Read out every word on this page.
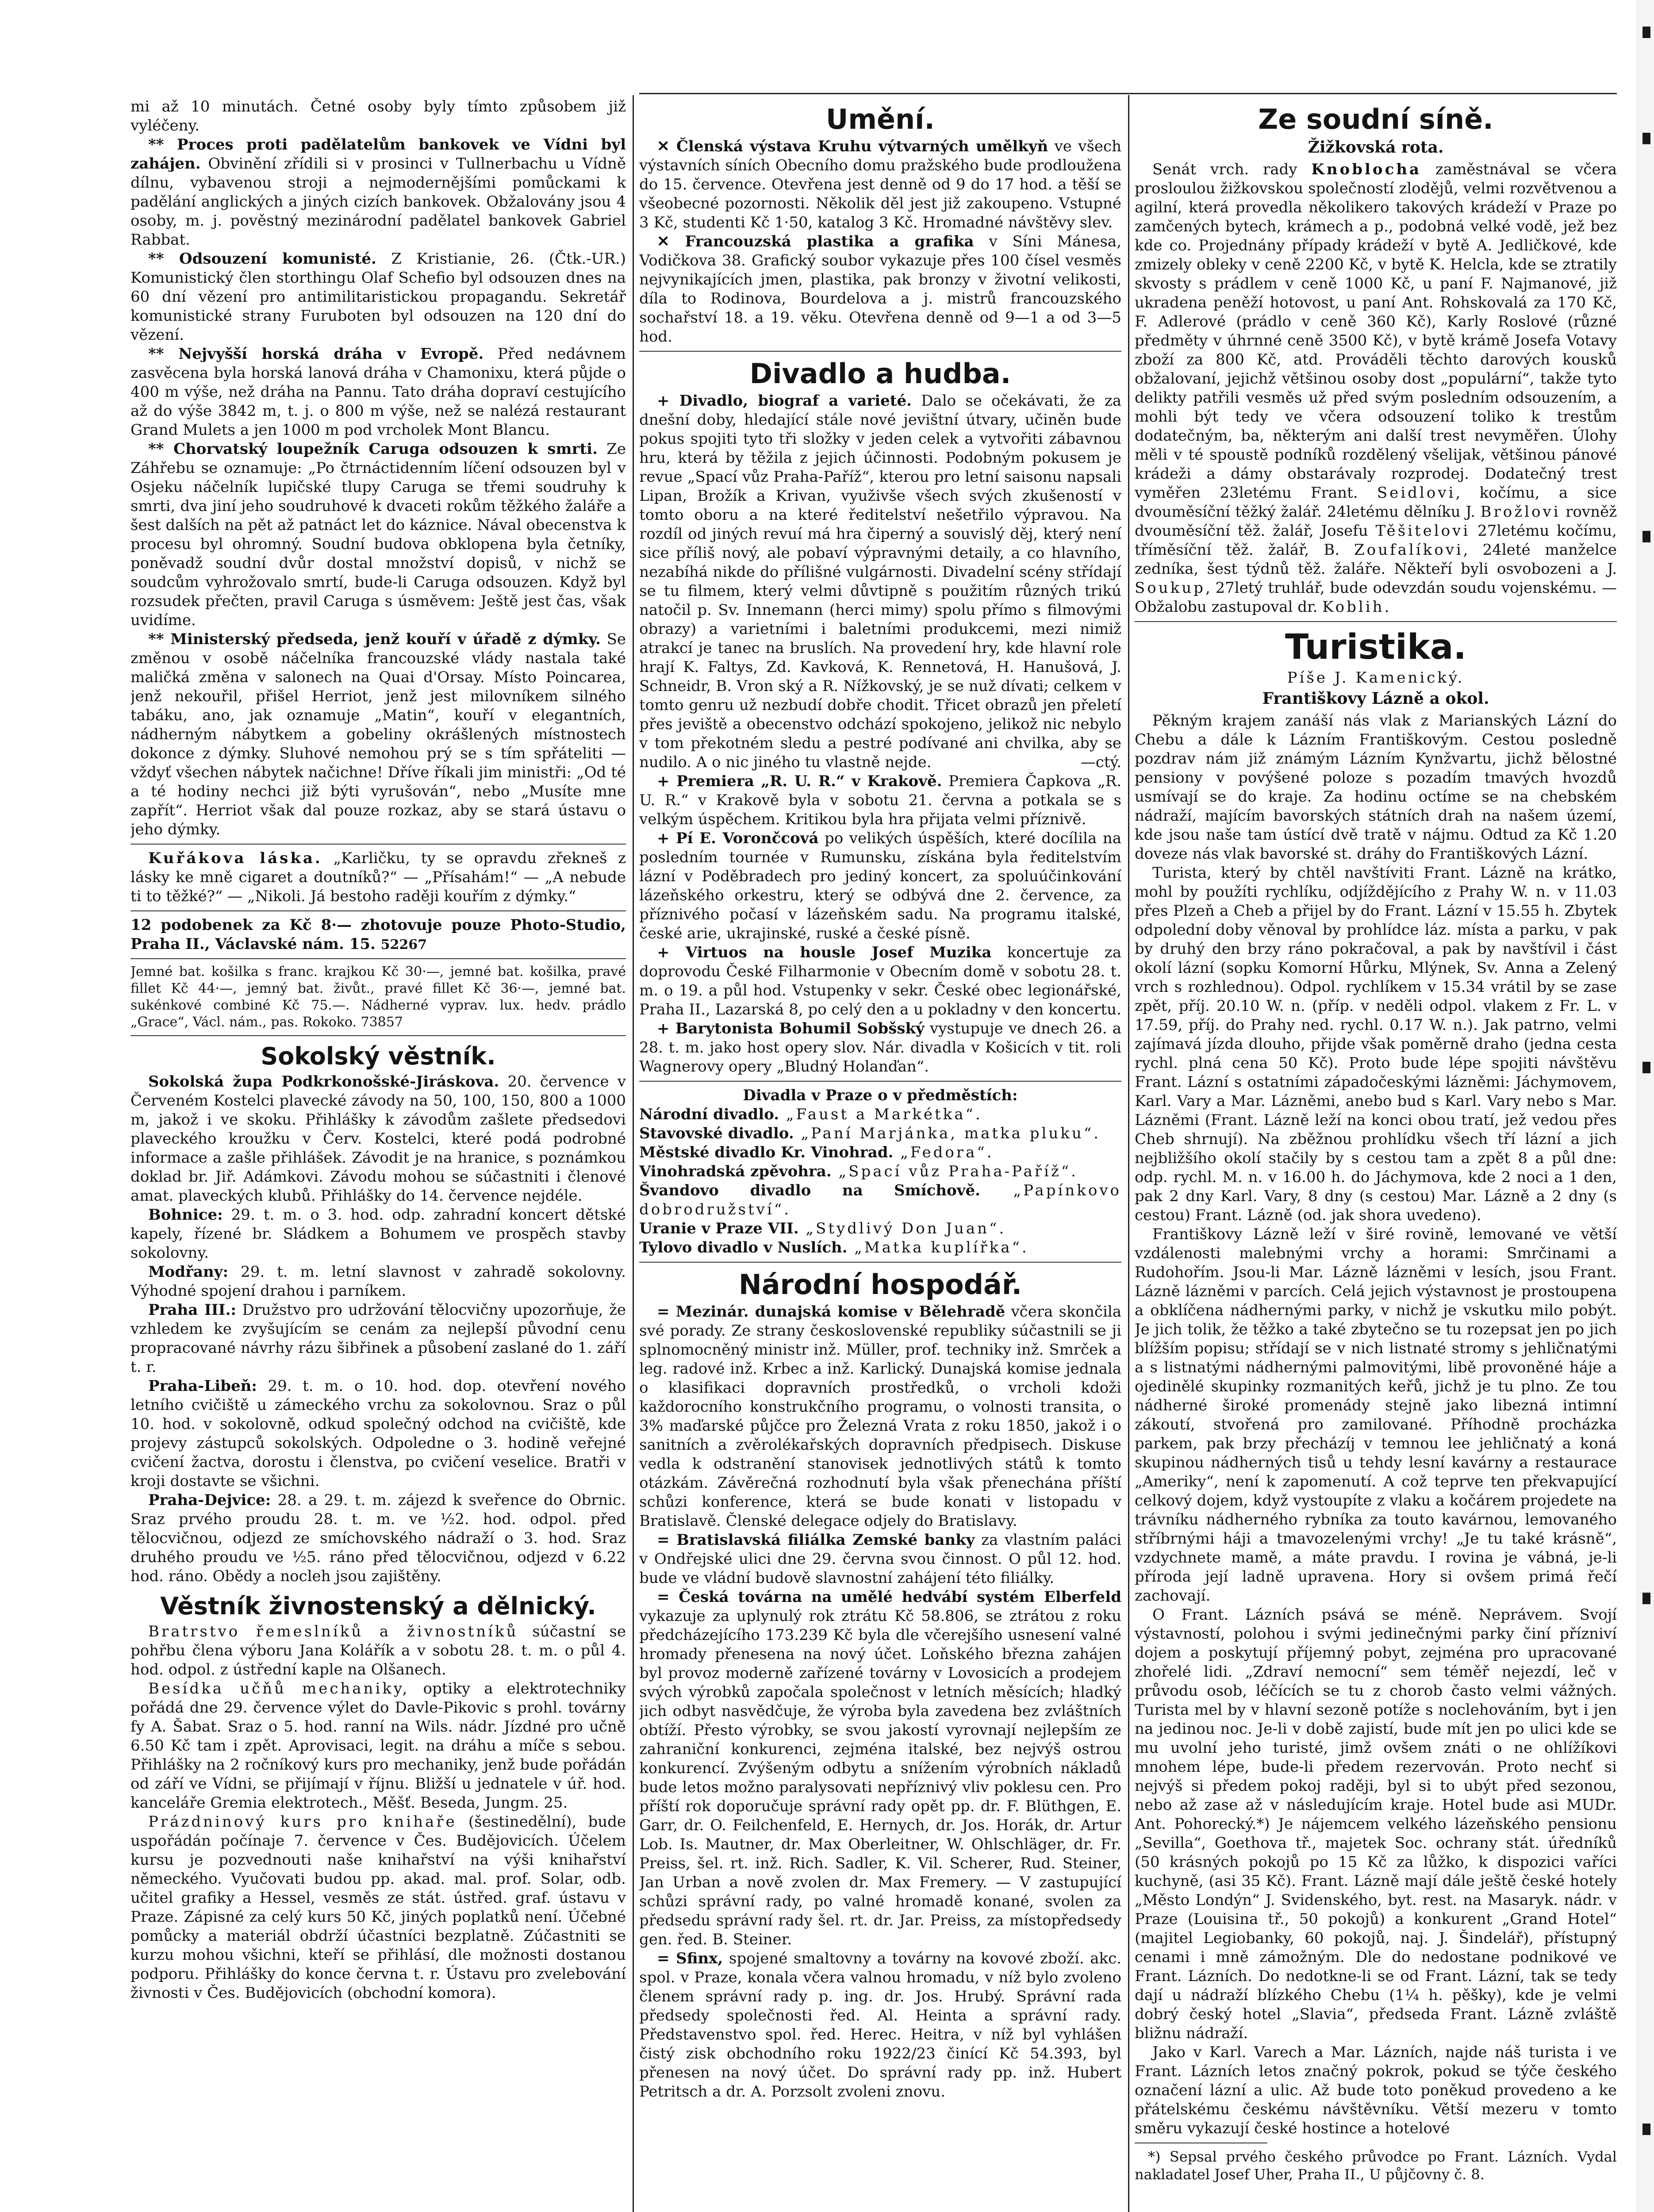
mi až 10 minutách. Četné osoby byly tímto způsobem již vyléčeny.

** Proces proti padělatelům bankovek ve Vídni byl zahájen. Obvinění zřídili si v prosinci v Tullnerbachu u Vídně dílnu, vybavenou stroji a nejmodernějšími pomůckami k padělání anglických a jiných cizích bankovek. Obžalovány jsou 4 osoby, m. j. pověstný mezinárodní padělatel bankovek Gabriel Rabbat.

** Odsouzení komunisté. Z Kristianie, 26. (Čtk.-UR.) Komunistický člen storthingu Olaf Schefio byl odsouzen dnes na 60 dní vězení pro antimilitaristickou propagandu. Sekretář komunistické strany Furuboten byl odsouzen na 120 dní do vězení.

** Nejvyšší horská dráha v Evropě. Před nedávnem zasvěcena byla horská lanová dráha v Chamonixu, která půjde o 400 m výše, než dráha na Pannu. Tato dráha dopraví cestujícího až do výše 3842 m, t. j. o 800 m výše, než se nalézá restaurant Grand Mulets a jen 1000 m pod vrcholek Mont Blancu.

** Chorvatský loupežník Caruga odsouzen k smrti. Ze Záhřebu se oznamuje: „Po čtrnáctidenním líčení odsouzen byl v Osjeku náčelník lupičské tlupy Caruga se třemi soudruhy k smrti, dva jiní jeho soudruhové k dvaceti rokům těžkého žaláře a šest dalších na pět až patnáct let do káznice. Nával obecenstva k procesu byl ohromný. Soudní budova obklopena byla četníky, poněvadž soudní dvůr dostal množství dopisů, v nichž se soudcům vyhrožovalo smrtí, bude-li Caruga odsouzen. Když byl rozsudek přečten, pravil Caruga s úsměvem: Ještě jest čas, však uvidíme.

** Ministerský předseda, jenž kouří v úřadě z dýmky. Se změnou v osobě náčelníka francouzské vlády nastala také maličká změna v salonech na Quai d'Orsay. Místo Poincarea, jenž nekouřil, přišel Herriot, jenž jest milovníkem silného tabáku, ano, jak oznamuje „Matin“, kouří v elegantních, nádherným nábytkem a gobeliny okrášlených místnostech dokonce z dýmky. Sluhové nemohou prý se s tím spřáteliti — vždyť všechen nábytek načichne! Dříve říkali jim ministři: „Od té a té hodiny nechci již býti vyrušován“, nebo „Musíte mne zapřít“. Herriot však dal pouze rozkaz, aby se stará ústavu o jeho dýmky.

Kuřákova láska. „Karličku, ty se opravdu zřekneš z lásky ke mně cigaret a doutníků?“ — „Přísahám!“ — „A nebude ti to těžké?“ — „Nikoli. Já bestoho raději kouřím z dýmky.“

12 podobenek za Kč 8·— zhotovuje pouze Photo-Studio, Praha II., Václavské nám. 15. 52267

Jemné bat. košilka s franc. krajkou Kč 30·—, jemné bat. košilka, pravé fillet Kč 44·—, jemný bat. živůt., pravé fillet Kč 36·—, jemné bat. sukénkové combiné Kč 75.—. Nádherné vyprav. lux. hedv. prádlo „Grace“, Václ. nám., pas. Rokoko. 73857

Sokolský věstník.

Sokolská župa Podkrkonošské-Jiráskova. 20. července v Červeném Kostelci plavecké závody na 50, 100, 150, 800 a 1000 m, jakož i ve skoku. Přihlášky k závodům zašlete předsedovi plaveckého kroužku v Červ. Kostelci, které podá podrobné informace a zašle přihlášek. Závodit je na hranice, s poznámkou doklad br. Jiř. Adámkovi. Závodu mohou se súčastniti i členové amat. plaveckých klubů. Přihlášky do 14. července nejdéle.

Bohnice: 29. t. m. o 3. hod. odp. zahradní koncert dětské kapely, řízené br. Sládkem a Bohumem ve prospěch stavby sokolovny.

Modřany: 29. t. m. letní slavnost v zahradě sokolovny. Výhodné spojení drahou i parníkem.

Praha III.: Družstvo pro udržování tělocvičny upozorňuje, že vzhledem ke zvyšujícím se cenám za nejlepší původní cenu propracované návrhy rázu šibřinek a působení zaslané do 1. září t. r.

Praha-Libeň: 29. t. m. o 10. hod. dop. otevření nového letního cvičiště u zámeckého vrchu za sokolovnou. Sraz o půl 10. hod. v sokolovně, odkud společný odchod na cvičiště, kde projevy zástupců sokolských. Odpoledne o 3. hodině veřejné cvičení žactva, dorostu i členstva, po cvičení veselice. Bratři v kroji dostavte se všichni.

Praha-Dejvice: 28. a 29. t. m. zájezd k sveřence do Obrnic. Sraz prvého proudu 28. t. m. ve ½2. hod. odpol. před tělocvičnou, odjezd ze smíchovského nádraží o 3. hod. Sraz druhého proudu ve ½5. ráno před tělocvičnou, odjezd v 6.22 hod. ráno. Obědy a nocleh jsou zajištěny.

Věstník živnostenský a dělnický.

Bratrstvo řemeslníků a živnostníků súčastní se pohřbu člena výboru Jana Kolářík a v sobotu 28. t. m. o půl 4. hod. odpol. z ústřední kaple na Olšanech.

Besídka učňů mechaniky, optiky a elektrotechniky pořádá dne 29. července výlet do Davle-Pikovic s prohl. továrny fy A. Šabat. Sraz o 5. hod. ranní na Wils. nádr. Jízdné pro učně 6.50 Kč tam i zpět. Aprovisaci, legit. na dráhu a míče s sebou. Přihlášky na 2 ročníkový kurs pro mechaniky, jenž bude pořádán od září ve Vídni, se přijímají v říjnu. Bližší u jednatele v úř. hod. kanceláře Gremia elektrotech., Měšť. Beseda, Jungm. 25.

Prázdninový kurs pro knihaře (šestinedělní), bude uspořádán počínaje 7. července v Čes. Budějovicích. Účelem kursu je pozvednouti naše knihařství na výši knihařství německého. Vyučovati budou pp. akad. mal. prof. Solar, odb. učitel grafiky a Hessel, vesměs ze stát. ústřed. graf. ústavu v Praze. Zápisné za celý kurs 50 Kč, jiných poplatků není. Účebné pomůcky a materiál obdrží účastníci bezplatně. Zúčastniti se kurzu mohou všichni, kteří se přihlásí, dle možnosti dostanou podporu. Přihlášky do konce června t. r. Ústavu pro zvelebování živnosti v Čes. Budějovicích (obchodní komora).

Umění.

✕ Členská výstava Kruhu výtvarných umělkyň ve všech výstavních síních Obecního domu pražského bude prodloužena do 15. července. Otevřena jest denně od 9 do 17 hod. a těší se všeobecné pozornosti. Několik děl jest již zakoupeno. Vstupné 3 Kč, studenti Kč 1·50, katalog 3 Kč. Hromadné návštěvy slev.

✕ Francouzská plastika a grafika v Síni Mánesa, Vodičkova 38. Grafický soubor vykazuje přes 100 čísel vesměs nejvynikajících jmen, plastika, pak bronzy v životní velikosti, díla to Rodinova, Bourdelova a j. mistrů francouzského sochařství 18. a 19. věku. Otevřena denně od 9—1 a od 3—5 hod.

Divadlo a hudba.

+ Divadlo, biograf a varieté. Dalo se očekávati, že za dnešní doby, hledající stále nové jevištní útvary, učiněn bude pokus spojiti tyto tři složky v jeden celek a vytvořiti zábavnou hru, která by těžila z jejich účinnosti. Podobným pokusem je revue „Spací vůz Praha-Paříž“, kterou pro letní saisonu napsali Lipan, Brožík a Krivan, využivše všech svých zkušeností v tomto oboru a na které ředitelství nešetřilo výpravou. Na rozdíl od jiných revuí má hra čiperný a souvislý děj, který není sice příliš nový, ale pobaví výpravnými detaily, a co hlavního, nezabíhá nikde do přílišné vulgárnosti. Divadelní scény střídají se tu filmem, který velmi důvtipně s použitím různých trikú natočil p. Sv. Innemann (herci mimy) spolu přímo s filmovými obrazy) a varietními i baletními produkcemi, mezi nimiž atrakcí je tanec na bruslích. Na provedení hry, kde hlavní role hrají K. Faltys, Zd. Kavková, K. Rennetová, H. Hanušová, J. Schneidr, B. Vron ský a R. Nížkovský, je se nuž dívati; celkem v tomto genru už nezbudí dobře chodit. Třicet obrazů jen přeletí přes jeviště a obecenstvo odchází spokojeno, jelikož nic nebylo v tom překotném sledu a pestré podívané ani chvilka, aby se nudilo. A o nic jiného tu vlastně nejde.	—ctý.

+ Premiera „R. U. R.“ v Krakově. Premiera Čapkova „R. U. R.“ v Krakově byla v sobotu 21. června a potkala se s velkým úspěchem. Kritikou byla hra přijata velmi příznivě.

+ Pí E. Vorončcová po velikých úspěších, které docílila na posledním tournée v Rumunsku, získána byla ředitelstvím lázní v Poděbradech pro jediný koncert, za spoluúčinkování lázeňského orkestru, který se odbývá dne 2. července, za příznivého počasí v lázeňském sadu. Na programu italské, české arie, ukrajinské, ruské a české písně.

+ Virtuos na housle Josef Muzika koncertuje za doprovodu České Filharmonie v Obecním domě v sobotu 28. t. m. o 19. a půl hod. Vstupenky v sekr. České obec legionářské, Praha II., Lazarská 8, po celý den a u pokladny v den koncertu.

+ Barytonista Bohumil Sobšský vystupuje ve dnech 26. a 28. t. m. jako host opery slov. Nár. divadla v Košicích v tit. roli Wagnerovy opery „Bludný Holanďan“.

Divadla v Praze o v předměstích:

Národní divadlo. „Faust a Markétka“.

Stavovské divadlo. „Paní Marjánka, matka pluku“.

Městské divadlo Kr. Vinohrad. „Fedora“.

Vinohradská zpěvohra. „Spací vůz Praha-Paříž“.

Švandovo divadlo na Smíchově. „Papínkovo dobrodružství“.

Uranie v Praze VII. „Stydlivý Don Juan“.

Tylovo divadlo v Nuslích. „Matka kuplířka“.

Národní hospodář.

= Mezinár. dunajská komise v Bělehradě včera skončila své porady. Ze strany československé republiky súčastnili se ji splnomocněný ministr inž. Müller, prof. techniky inž. Smrček a leg. radové inž. Krbec a inž. Karlický. Dunajská komise jednala o klasifikaci dopravních prostředků, o vrcholi kdoži každorocního konstrukčního programu, o volnosti transita, o 3% maďarské půjčce pro Železná Vrata z roku 1850, jakož i o sanitních a zvěrolékařských dopravních předpisech. Diskuse vedla k odstranění stanovisek jednotlivých států k tomto otázkám. Závěrečná rozhodnutí byla však přenechána příští schůzi konference, která se bude konati v listopadu v Bratislavě. Členské delegace odjely do Bratislavy.

= Bratislavská filiálka Zemské banky za vlastním paláci v Ondřejské ulici dne 29. června svou činnost. O půl 12. hod. bude ve vládní budově slavnostní zahájení této filiálky.

= Česká továrna na umělé hedvábí systém Elberfeld vykazuje za uplynulý rok ztrátu Kč 58.806, se ztrátou z roku předcházejícího 173.239 Kč byla dle včerejšího usnesení valné hromady přenesena na nový účet. Loňského března zahájen byl provoz moderně zařízené továrny v Lovosicích a prodejem svých výrobků započala společnost v letních měsících; hladký jich odbyt nasvědčuje, že výroba byla zavedena bez zvláštních obtíží. Přesto výrobky, se svou jakostí vyrovnají nejlepším ze zahraniční konkurenci, zejména italské, bez nejvýš ostrou konkurencí. Zvýšeným odbytu a snížením výrobních nákladů bude letos možno paralysovati nepříznivý vliv poklesu cen. Pro příští rok doporučuje správní rady opět pp. dr. F. Blüthgen, E. Garr, dr. O. Feilchenfeld, E. Hernych, dr. Jos. Horák, dr. Artur Lob. Is. Mautner, dr. Max Oberleitner, W. Ohlschläger, dr. Fr. Preiss, šel. rt. inž. Rich. Sadler, K. Vil. Scherer, Rud. Steiner, Jan Urban a nově zvolen dr. Max Fremery. — V zastupující schůzi správní rady, po valné hromadě konané, svolen za předsedu správní rady šel. rt. dr. Jar. Preiss, za místopředsedy gen. řed. B. Steiner.

= Sfinx, spojené smaltovny a továrny na kovové zboží. akc. spol. v Praze, konala včera valnou hromadu, v níž bylo zvoleno členem správní rady p. ing. dr. Jos. Hrubý. Správní rada předsedy společnosti řed. Al. Heinta a správní rady. Představenstvo spol. řed. Herec. Heitra, v níž byl vyhlášen čistý zisk obchodního roku 1922/23 činící Kč 54.393, byl přenesen na nový účet. Do správní rady pp. inž. Hubert Petritsch a dr. A. Porzsolt zvoleni znovu.

Ze soudní síně.
Žižkovská rota.

Senát vrch. rady Knoblocha zaměstnával se včera prosloulou žižkovskou společností zlodějů, velmi rozvětvenou a agilní, která provedla několikero takových krádeží v Praze po zamčených bytech, krámech a p., podobná velké vodě, jež bez kde co. Projednány případy krádeží v bytě A. Jedličkové, kde zmizely obleky v ceně 2200 Kč, v bytě K. Helcla, kde se ztratily skvosty s prádlem v ceně 1000 Kč, u paní F. Najmanové, již ukradena peněží hotovost, u paní Ant. Rohskovalá za 170 Kč, F. Adlerové (prádlo v ceně 360 Kč), Karly Roslové (různé předměty v úhrnné ceně 3500 Kč), v bytě krámě Josefa Votavy zboží za 800 Kč, atd. Prováděli těchto darových kousků obžalovaní, jejichž většinou osoby dost „populární“, takže tyto delikty patřili vesměs už před svým posledním odsouzením, a mohli být tedy ve včera odsouzení toliko k trestům dodatečným, ba, některým ani další trest nevyměřen. Úlohy měli v té spoustě podníků rozdělený všelijak, většinou pánové krádeži a dámy obstarávaly rozprodej. Dodatečný trest vyměřen 23letému Frant. Seidlovi, kočímu, a sice dvouměsíční těžký žalář. 24letému dělníku J. Brožlovi rovněž dvouměsíční těž. žalář, Josefu Těšitelovi 27letému kočímu, tříměsíční těž. žalář, B. Zoufalíkovi, 24leté manželce zedníka, šest týdnů těž. žaláře. Někteří byli osvobozeni a J. Soukup, 27letý truhlář, bude odevzdán soudu vojenskému. — Obžalobu zastupoval dr. Koblih.

Turistika.
Píše J. Kamenický.
Františkovy Lázně a okol.

Pěkným krajem zanáší nás vlak z Marianských Lázní do Chebu a dále k Lázním Františkovým. Cestou posledně pozdrav nám již známým Lázním Kynžvartu, jichž bělostné pensiony v povýšené poloze s pozadím tmavých hvozdů usmívají se do kraje. Za hodinu octíme se na chebském nádraží, majícím bavorských státních drah na našem území, kde jsou naše tam ústící dvě tratě v nájmu. Odtud za Kč 1.20 doveze nás vlak bavorské st. dráhy do Františkových Lázní.

Turista, který by chtěl navštíviti Frant. Lázně na krátko, mohl by použíti rychlíku, odjíždějícího z Prahy W. n. v 11.03 přes Plzeň a Cheb a přijel by do Frant. Lázní v 15.55 h. Zbytek odpolední doby věnoval by prohlídce láz. místa a parku, v pak by druhý den brzy ráno pokračoval, a pak by navštívil i část okolí lázní (sopku Komorní Hůrku, Mlýnek, Sv. Anna a Zelený vrch s rozhlednou). Odpol. rychlíkem v 15.34 vrátil by se zase zpět, příj. 20.10 W. n. (příp. v neděli odpol. vlakem z Fr. L. v 17.59, příj. do Prahy ned. rychl. 0.17 W. n.). Jak patrno, velmi zajímavá jízda dlouho, přijde však poměrně draho (jedna cesta rychl. plná cena 50 Kč). Proto bude lépe spojiti návštěvu Frant. Lázní s ostatními západočeskými lázněmi: Jáchymovem, Karl. Vary a Mar. Lázněmi, anebo bud s Karl. Vary nebo s Mar. Lázněmi (Frant. Lázně leží na konci obou tratí, jež vedou přes Cheb shrnují). Na zběžnou prohlídku všech tří lázní a jich nejbližšího okolí stačily by s cestou tam a zpět 8 a půl dne: odp. rychl. M. n. v 16.00 h. do Jáchymova, kde 2 noci a 1 den, pak 2 dny Karl. Vary, 8 dny (s cestou) Mar. Lázně a 2 dny (s cestou) Frant. Lázně (od. jak shora uvedeno).

Františkovy Lázně leží v širé rovině, lemované ve větší vzdálenosti malebnými vrchy a horami: Smrčinami a Rudohořím. Jsou-li Mar. Lázně lázněmi v lesích, jsou Frant. Lázně lázněmi v parcích. Celá jejich výstavnost je prostoupena a obklíčena nádhernými parky, v nichž je vskutku milo pobýt. Je jich tolik, že těžko a také zbytečno se tu rozepsat jen po jich blížším popisu; střídají se v nich listnaté stromy s jehličnatými a s listnatými nádhernými palmovitými, libě provoněné háje a ojedinělé skupinky rozmanitých keřů, jichž je tu plno. Ze tou nádherné široké promenády stejně jako libezná intimní zákoutí, stvořená pro zamilované. Příhodně procházka parkem, pak brzy přecházíj v temnou lee jehličnatý a koná skupinou nádherných tisů u tehdy lesní kavárny a restaurace „Ameriky“, není k zapomenutí. A což teprve ten překvapující celkový dojem, když vystoupíte z vlaku a kočárem projedete na trávníku nádherného rybníka za touto kavárnou, lemovaného stříbrnými háji a tmavozelenými vrchy! „Je tu také krásně“, vzdychnete mamě, a máte pravdu. I rovina je vábná, je-li příroda její ladně upravena. Hory si ovšem primá řečí zachovají.

O Frant. Lázních psává se méně. Neprávem. Svojí výstavností, polohou i svými jedinečnými parky činí přízniví dojem a poskytují příjemný pobyt, zejména pro upracované zhořelé lidi. „Zdraví nemocní“ sem téměř nejezdí, leč v průvodu osob, léčících se tu z chorob často velmi vážných. Turista mel by v hlavní sezoně potíže s noclehováním, byt i jen na jedinou noc. Je-li v době zajistí, bude mít jen po ulici kde se mu uvolní jeho turisté, jimž ovšem znáti o ne ohlížíkovi mnohem lépe, bude-li předem rezervován. Proto nechť si nejvýš si předem pokoj raději, byl si to ubýt před sezonou, nebo až zase až v následujícím kraje. Hotel bude asi MUDr. Ant. Pohorecký.*) Je nájemcem velkého lázeňského pensionu „Sevilla“, Goethova tř., majetek Soc. ochrany stát. úředníků (50 krásných pokojů po 15 Kč za lůžko, k dispozici vaříci kuchyně, (asi 35 Kč). Frant. Lázně mají dále ještě české hotely „Město Londýn“ J. Svidenského, byt. rest. na Masaryk. nádr. v Praze (Louisina tř., 50 pokojů) a konkurent „Grand Hotel“ (majitel Legiobanky, 60 pokojů, naj. J. Šindelář), přístupný cenami i mně zámožným. Dle do nedostane podnikové ve Frant. Lázních. Do nedotkne-li se od Frant. Lázní, tak se tedy dají u nádraží blízkého Chebu (1¼ h. pěšky), kde je velmi dobrý český hotel „Slavia“, předseda Frant. Lázně zvláště bližnu nádraží.

Jako v Karl. Varech a Mar. Lázních, najde náš turista i ve Frant. Lázních letos značný pokrok, pokud se týče českého označení lázní a ulic. Až bude toto poněkud provedeno a ke přátelskému českému návštěvníku. Větší mezeru v tomto směru vykazují české hostince a hotelové

*) Sepsal prvého českého průvodce po Frant. Lázních. Vydal nakladatel Josef Uher, Praha II., U půjčovny č. 8.
